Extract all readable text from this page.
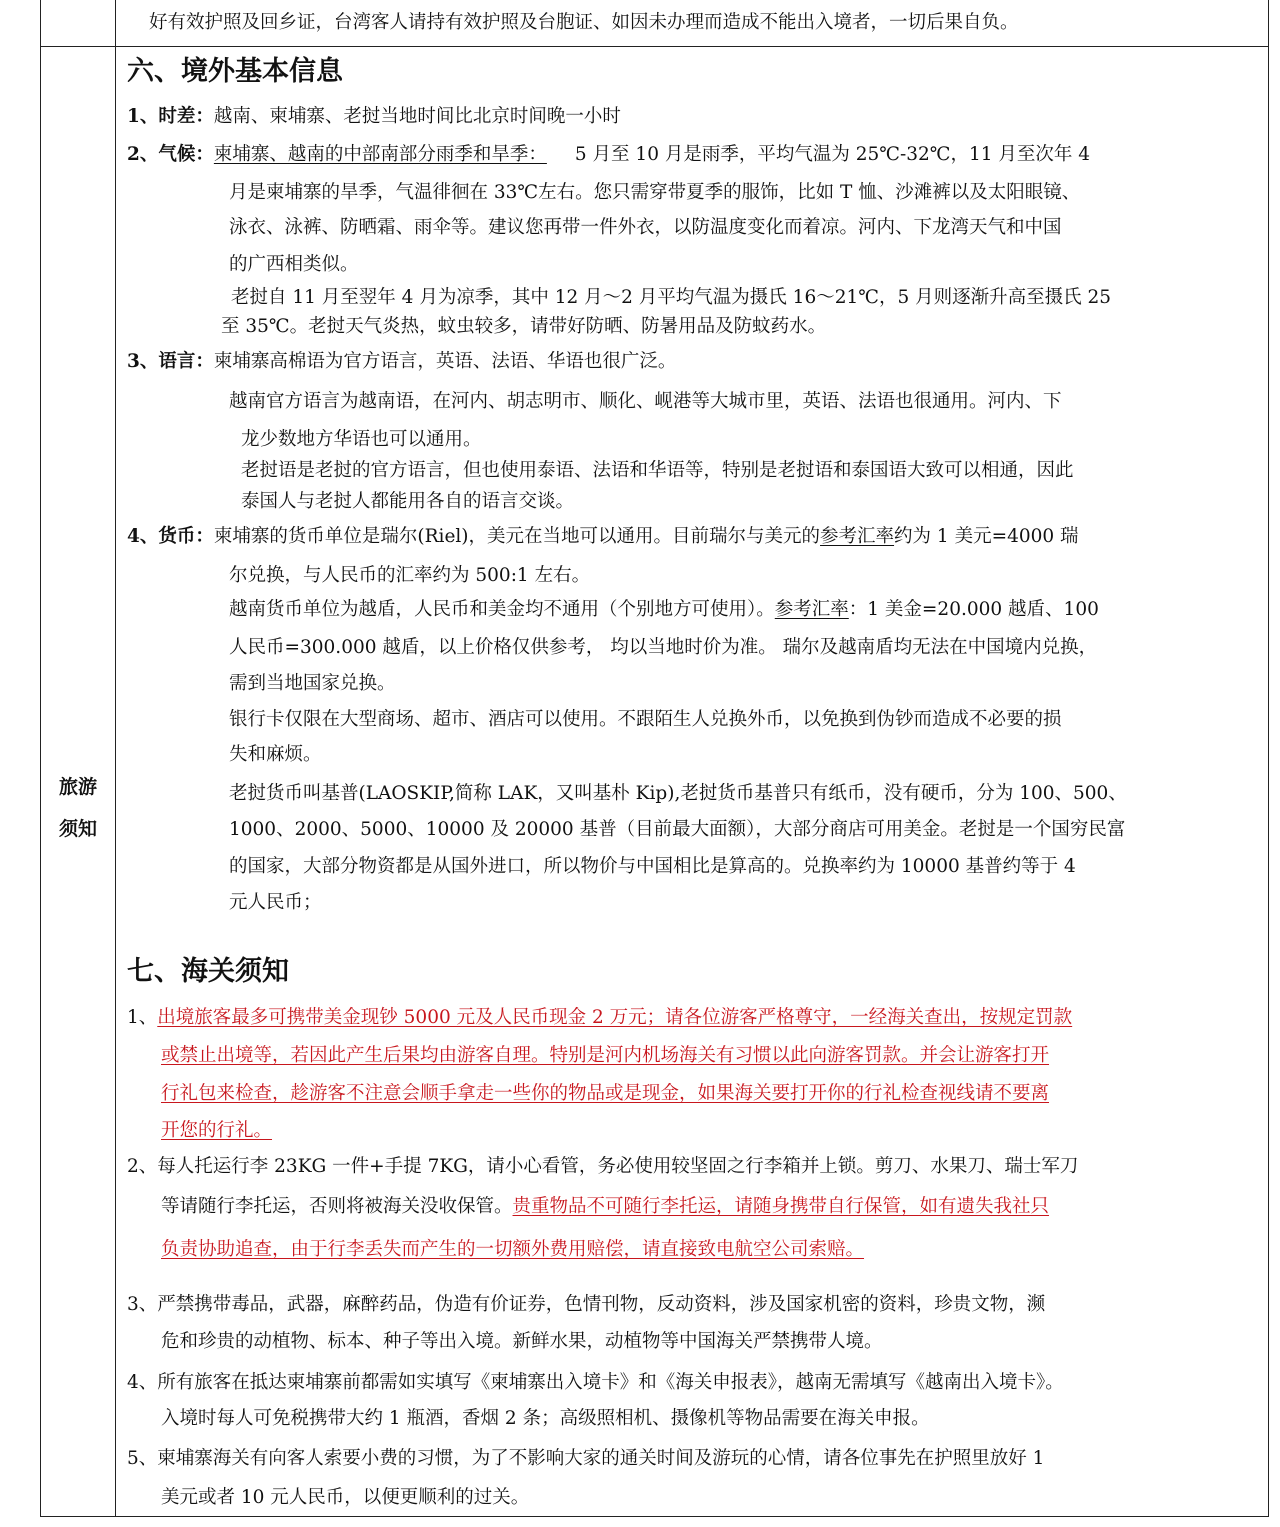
旅游
须知
好有效护照及回乡证，台湾客人请持有效护照及台胞证、如因未办理而造成不能出入境者，一切后果自负。
六、境外基本信息
1、时差：越南、柬埔寨、老挝当地时间比北京时间晚一小时
2、气候：柬埔寨、越南的中部南部分雨季和旱季： 5 月至 10 月是雨季，平均气温为 25℃-32℃，11 月至次年 4
月是柬埔寨的旱季，气温徘徊在 33℃左右。您只需穿带夏季的服饰，比如 T 恤、沙滩裤以及太阳眼镜、
泳衣、泳裤、防晒霜、雨伞等。建议您再带一件外衣，以防温度变化而着凉。河内、下龙湾天气和中国
的广西相类似。
老挝自 11 月至翌年 4 月为凉季，其中 12 月～2 月平均气温为摄氏 16～21℃，5 月则逐渐升高至摄氏 25
至 35℃。老挝天气炎热，蚊虫较多，请带好防晒、防暑用品及防蚊药水。
3、语言：柬埔寨高棉语为官方语言，英语、法语、华语也很广泛。
越南官方语言为越南语，在河内、胡志明市、顺化、岘港等大城市里，英语、法语也很通用。河内、下
龙少数地方华语也可以通用。
老挝语是老挝的官方语言，但也使用泰语、法语和华语等，特别是老挝语和泰国语大致可以相通，因此
泰国人与老挝人都能用各自的语言交谈。
4、货币：柬埔寨的货币单位是瑞尔(Riel)，美元在当地可以通用。目前瑞尔与美元的参考汇率约为 1 美元=4000 瑞
尔兑换，与人民币的汇率约为 500:1 左右。
越南货币单位为越盾，人民币和美金均不通用（个别地方可使用）。参考汇率：1 美金=20.000 越盾、100
人民币=300.000 越盾，以上价格仅供参考， 均以当地时价为准。 瑞尔及越南盾均无法在中国境内兑换，
需到当地国家兑换。
银行卡仅限在大型商场、超市、酒店可以使用。不跟陌生人兑换外币，以免换到伪钞而造成不必要的损
失和麻烦。
老挝货币叫基普(LAOSKIP,简称 LAK，又叫基朴 Kip),老挝货币基普只有纸币，没有硬币，分为 100、500、
1000、2000、5000、10000 及 20000 基普（目前最大面额），大部分商店可用美金。老挝是一个国穷民富
的国家，大部分物资都是从国外进口，所以物价与中国相比是算高的。兑换率约为 10000 基普约等于 4
元人民币；
七、海关须知
1、出境旅客最多可携带美金现钞 5000 元及人民币现金 2 万元；请各位游客严格尊守，一经海关查出，按规定罚款
或禁止出境等，若因此产生后果均由游客自理。特别是河内机场海关有习惯以此向游客罚款。并会让游客打开
行礼包来检查，趁游客不注意会顺手拿走一些你的物品或是现金，如果海关要打开你的行礼检查视线请不要离
开您的行礼。
2、每人托运行李 23KG 一件+手提 7KG，请小心看管，务必使用较坚固之行李箱并上锁。剪刀、水果刀、瑞士军刀
等请随行李托运，否则将被海关没收保管。贵重物品不可随行李托运，请随身携带自行保管，如有遗失我社只
负责协助追查，由于行李丢失而产生的一切额外费用赔偿，请直接致电航空公司索赔。
3、严禁携带毒品，武器，麻醉药品，伪造有价证券，色情刊物，反动资料，涉及国家机密的资料，珍贵文物，濒
危和珍贵的动植物、标本、种子等出入境。新鲜水果，动植物等中国海关严禁携带人境。
4、所有旅客在抵达柬埔寨前都需如实填写《柬埔寨出入境卡》和《海关申报表》，越南无需填写《越南出入境卡》。
入境时每人可免税携带大约 1 瓶酒，香烟 2 条；高级照相机、摄像机等物品需要在海关申报。
5、柬埔寨海关有向客人索要小费的习惯，为了不影响大家的通关时间及游玩的心情，请各位事先在护照里放好 1
美元或者 10 元人民币，以便更顺利的过关。
